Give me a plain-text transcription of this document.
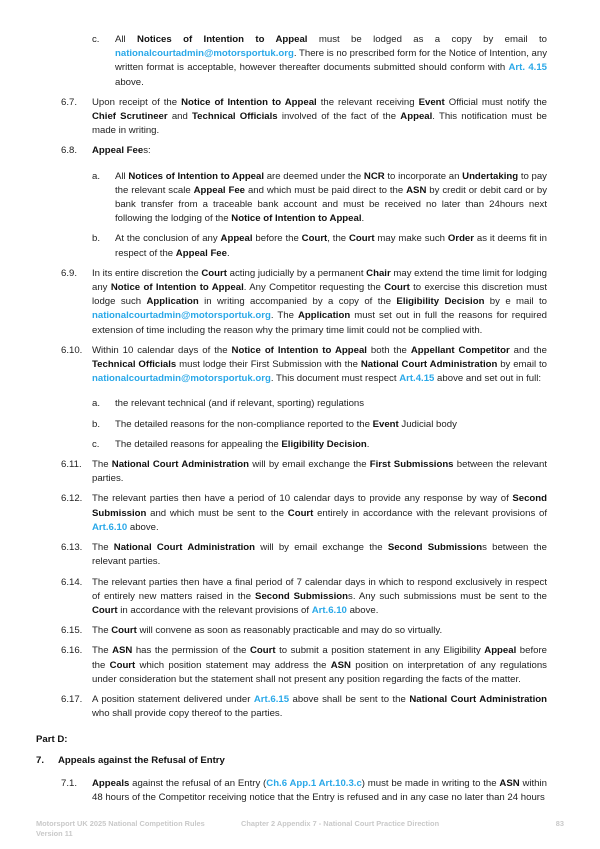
c. All Notices of Intention to Appeal must be lodged as a copy by email to nationalcourtadmin@motorsportuk.org. There is no prescribed form for the Notice of Intention, any written format is acceptable, however thereafter documents submitted should conform with Art. 4.15 above.
6.7. Upon receipt of the Notice of Intention to Appeal the relevant receiving Event Official must notify the Chief Scrutineer and Technical Officials involved of the fact of the Appeal. This notification must be made in writing.
6.8. Appeal Fees:
a. All Notices of Intention to Appeal are deemed under the NCR to incorporate an Undertaking to pay the relevant scale Appeal Fee and which must be paid direct to the ASN by credit or debit card or by bank transfer from a traceable bank account and must be received no later than 24hours next following the lodging of the Notice of Intention to Appeal.
b. At the conclusion of any Appeal before the Court, the Court may make such Order as it deems fit in respect of the Appeal Fee.
6.9. In its entire discretion the Court acting judicially by a permanent Chair may extend the time limit for lodging any Notice of Intention to Appeal. Any Competitor requesting the Court to exercise this discretion must lodge such Application in writing accompanied by a copy of the Eligibility Decision by e mail to nationalcourtadmin@motorsportuk.org. The Application must set out in full the reasons for required extension of time including the reason why the primary time limit could not be complied with.
6.10. Within 10 calendar days of the Notice of Intention to Appeal both the Appellant Competitor and the Technical Officials must lodge their First Submission with the National Court Administration by email to nationalcourtadmin@motorsportuk.org. This document must respect Art.4.15 above and set out in full:
a. the relevant technical (and if relevant, sporting) regulations
b. The detailed reasons for the non-compliance reported to the Event Judicial body
c. The detailed reasons for appealing the Eligibility Decision.
6.11. The National Court Administration will by email exchange the First Submissions between the relevant parties.
6.12. The relevant parties then have a period of 10 calendar days to provide any response by way of Second Submission and which must be sent to the Court entirely in accordance with the relevant provisions of Art.6.10 above.
6.13. The National Court Administration will by email exchange the Second Submissions between the relevant parties.
6.14. The relevant parties then have a final period of 7 calendar days in which to respond exclusively in respect of entirely new matters raised in the Second Submissions. Any such submissions must be sent to the Court in accordance with the relevant provisions of Art.6.10 above.
6.15. The Court will convene as soon as reasonably practicable and may do so virtually.
6.16. The ASN has the permission of the Court to submit a position statement in any Eligibility Appeal before the Court which position statement may address the ASN position on interpretation of any regulations under consideration but the statement shall not present any position regarding the facts of the matter.
6.17. A position statement delivered under Art.6.15 above shall be sent to the National Court Administration who shall provide copy thereof to the parties.
Part D:
7. Appeals against the Refusal of Entry
7.1. Appeals against the refusal of an Entry (Ch.6 App.1 Art.10.3.c) must be made in writing to the ASN within 48 hours of the Competitor receiving notice that the Entry is refused and in any case no later than 24 hours
Motorsport UK 2025 National Competition Rules
Version 11
Chapter 2 Appendix 7 - National Court Practice Direction	83
